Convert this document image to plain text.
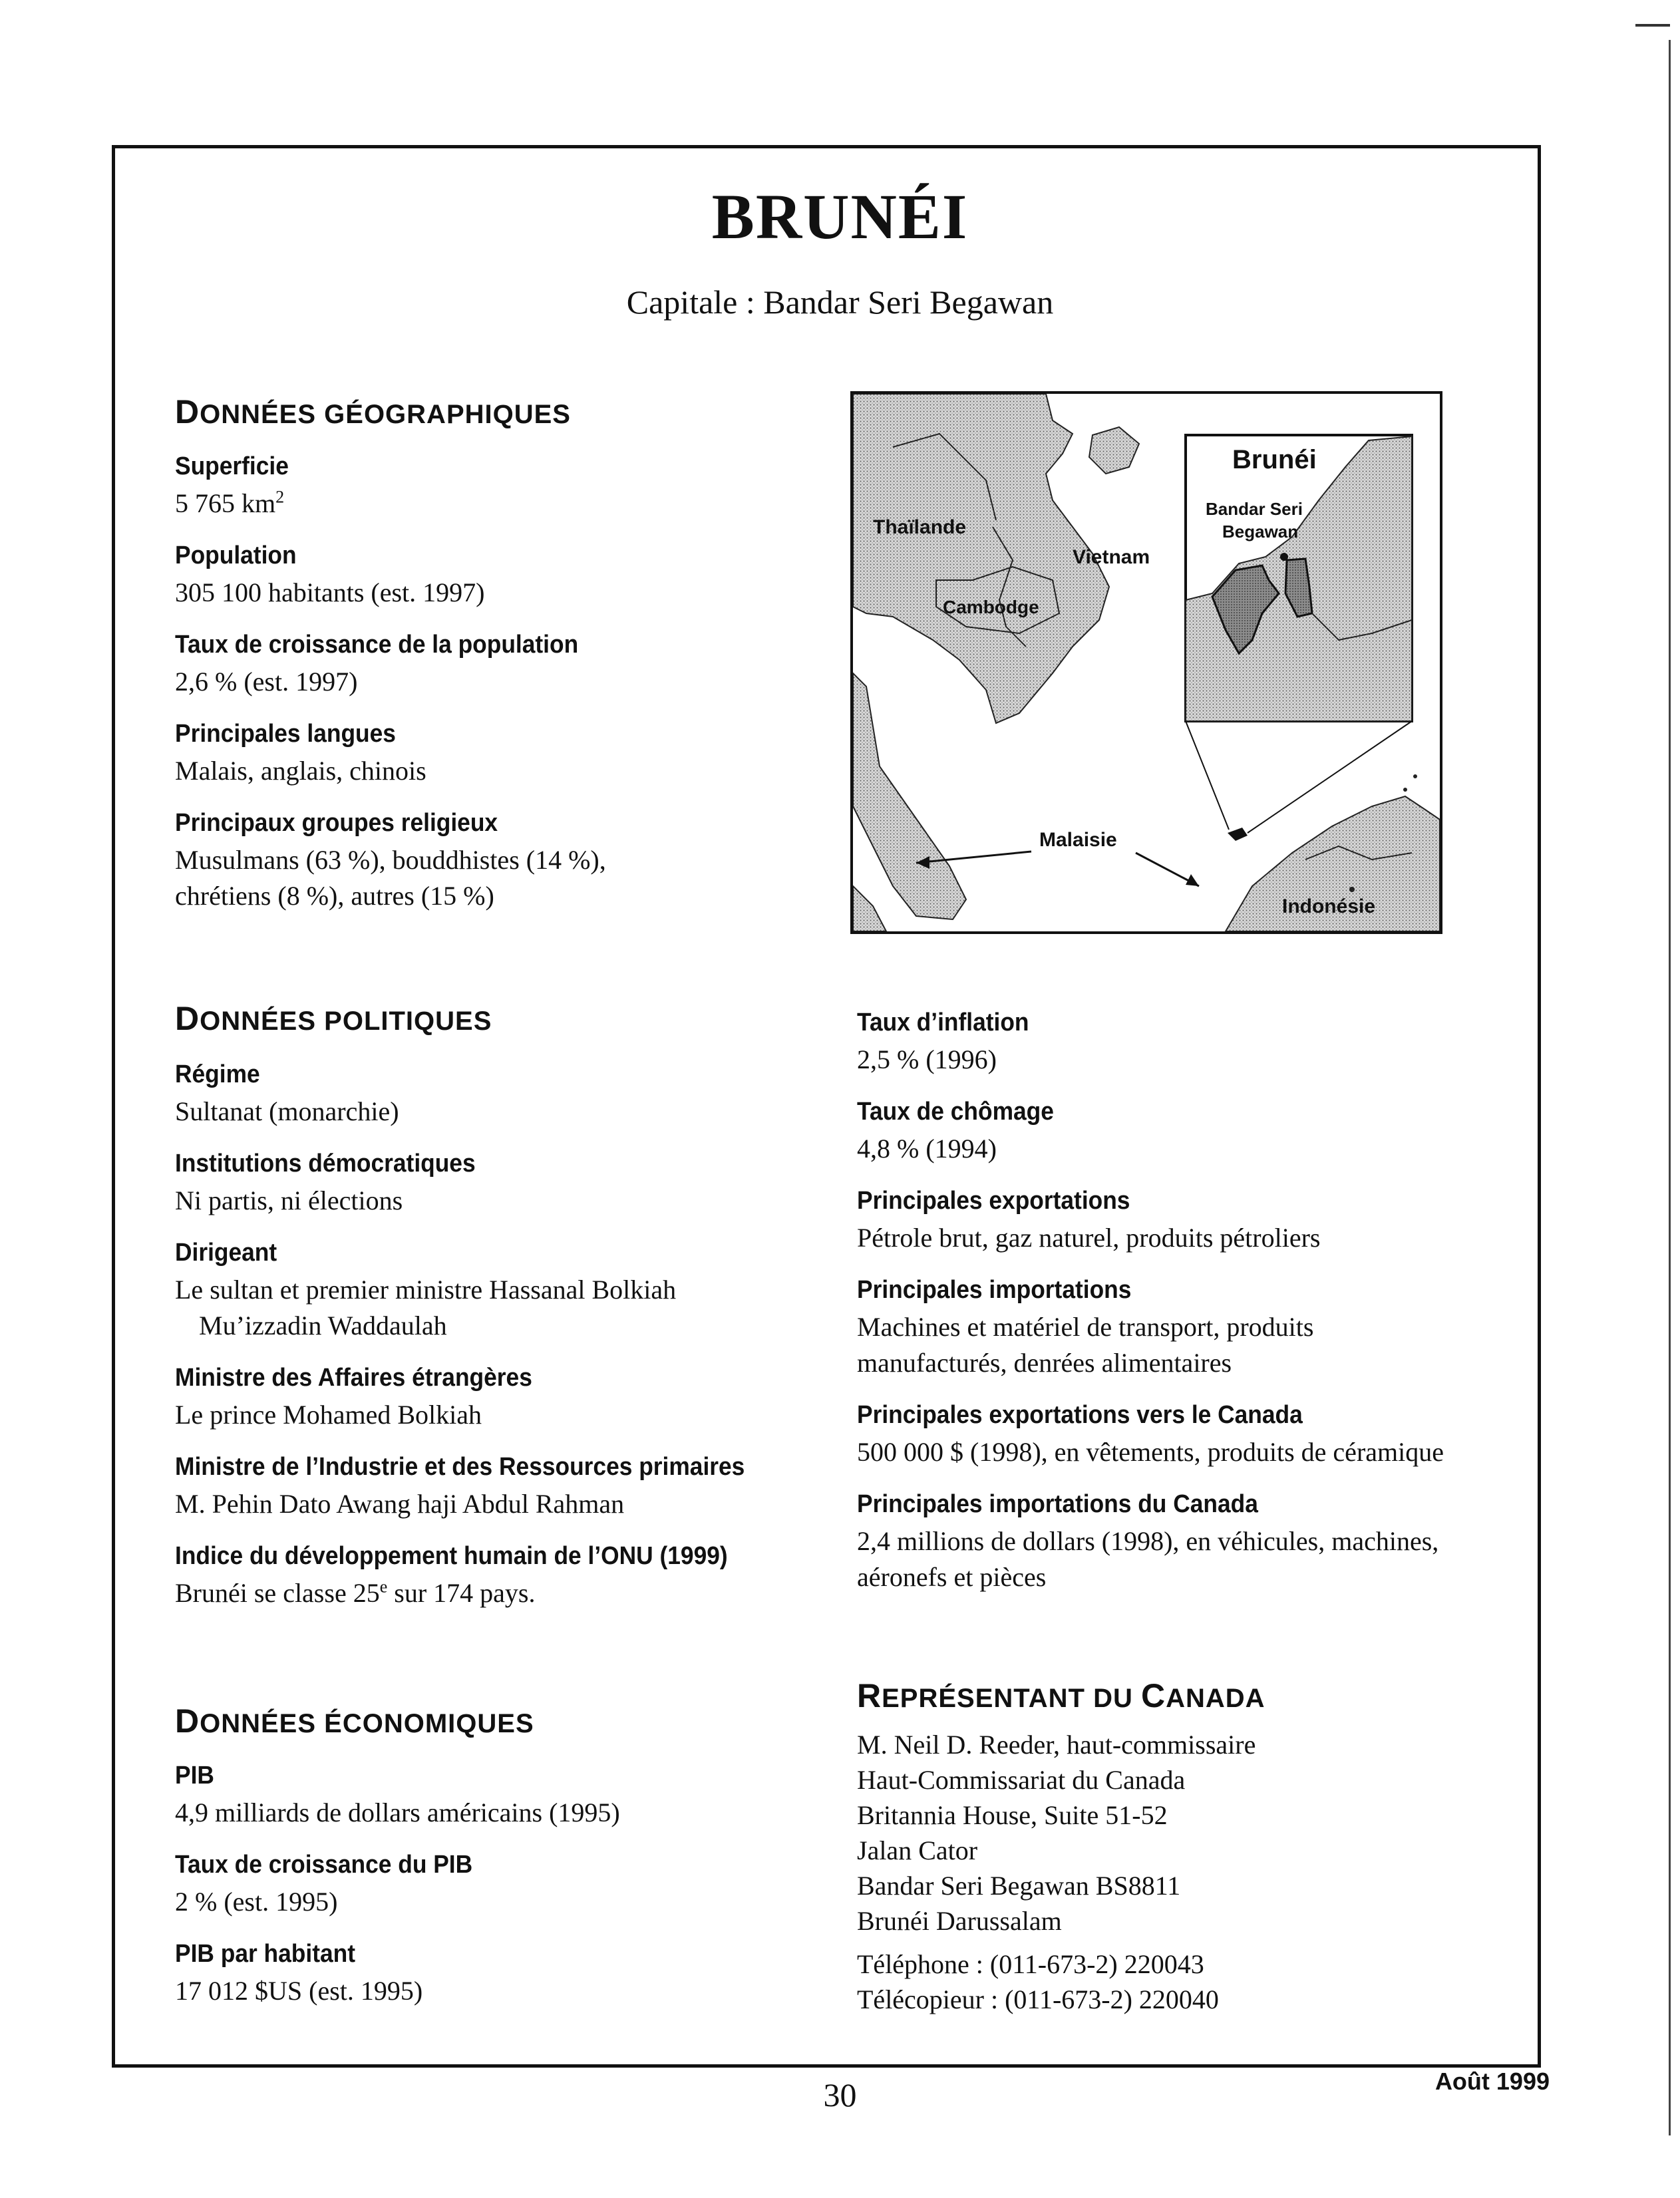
BRUNÉI
Capitale : Bandar Seri Begawan
DONNÉES GÉOGRAPHIQUES
Superficie
5 765 $km^2$
Population
305 100 habitants (est. 1997)
Taux de croissance de la population
2,6 % (est. 1997)
Principales langues
Malais, anglais, chinois
Principaux groupes religieux
Musulmans (63 %), bouddhistes (14 %),
chrétiens (8 %), autres (15 %)
Thaïlande
Vietnam
Cambodge
Malaisie
Indonésie
Brunéi
Bandar Seri
Begawan
DONNÉES POLITIQUES
Régime
Sultanat (monarchie)
Institutions démocratiques
Ni partis, ni élections
Dirigeant
Le sultan et premier ministre Hassanal Bolkiah
Mu’izzadin Waddaulah
Ministre des Affaires étrangères
Le prince Mohamed Bolkiah
Ministre de l’Industrie et des Ressources primaires
M. Pehin Dato Awang haji Abdul Rahman
Indice du développement humain de l’ONU (1999)
Brunéi se classe 25e sur 174 pays.
DONNÉES ÉCONOMIQUES
PIB
4,9 milliards de dollars américains (1995)
Taux de croissance du PIB
2 % (est. 1995)
PIB par habitant
17 012 $US (est. 1995)
Taux d’inflation
2,5 % (1996)
Taux de chômage
4,8 % (1994)
Principales exportations
Pétrole brut, gaz naturel, produits pétroliers
Principales importations
Machines et matériel de transport, produits
manufacturés, denrées alimentaires
Principales exportations vers le Canada
500 000 $ (1998), en vêtements, produits de céramique
Principales importations du Canada
2,4 millions de dollars (1998), en véhicules, machines,
aéronefs et pièces
REPRÉSENTANT DU CANADA
M. Neil D. Reeder, haut-commissaire
Haut-Commissariat du Canada
Britannia House, Suite 51-52
Jalan Cator
Bandar Seri Begawan BS8811
Brunéi Darussalam
Téléphone : (011-673-2) 220043
Télécopieur : (011-673-2) 220040
30	Août 1999
